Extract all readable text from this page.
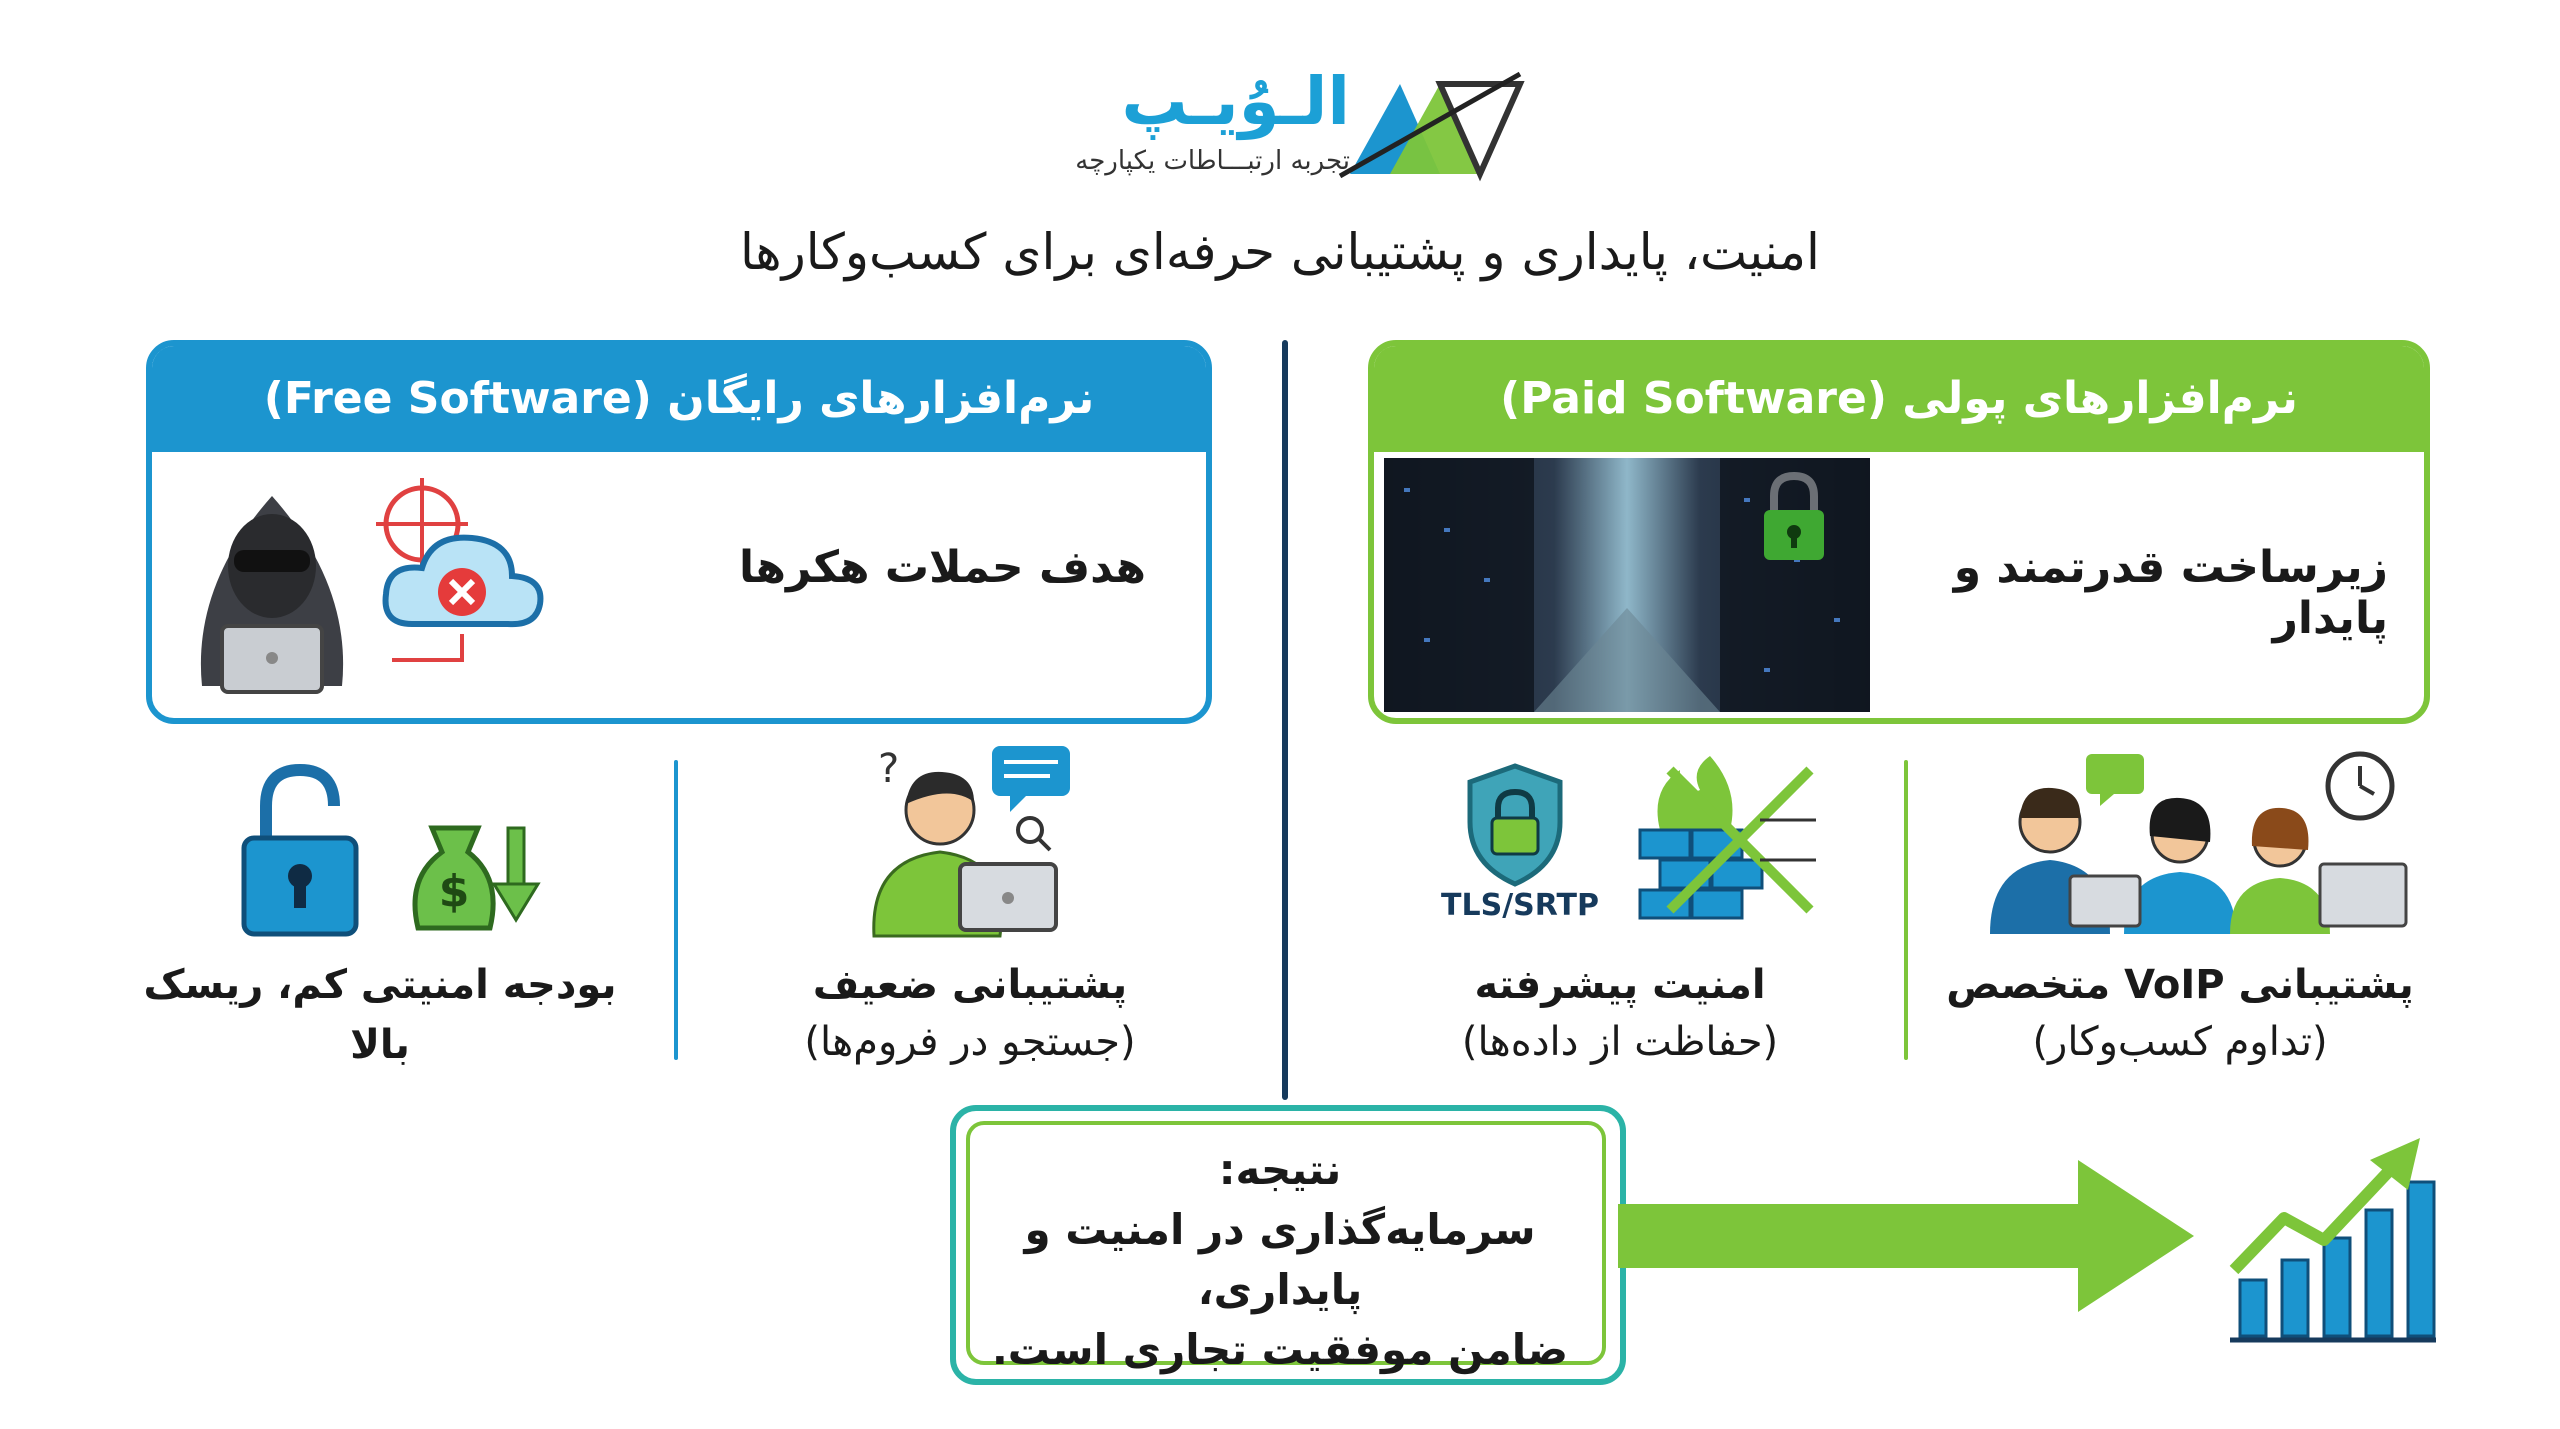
الـوُیـپ
تجربه ارتبـــاطات یکپارچه
امنیت، پایداری و پشتیبانی حرفه‌ای برای کسب‌وکارها
نرم‌افزارهای رایگان (Free Software)
هدف حملات هکرها
نرم‌افزارهای پولی (Paid Software)
زیرساخت قدرتمند و پایدار
$
بودجه امنیتی کم، ریسک بالا
?
پشتیبانی ضعیف
(جستجو در فروم‌ها)
TLS/SRTP
امنیت پیشرفته
(حفاظت از داده‌ها)
پشتیبانی VoIP متخصص
(تداوم کسب‌وکار)
نتیجه:
سرمایه‌گذاری در امنیت و پایداری،
ضامن موفقیت تجاری است.
